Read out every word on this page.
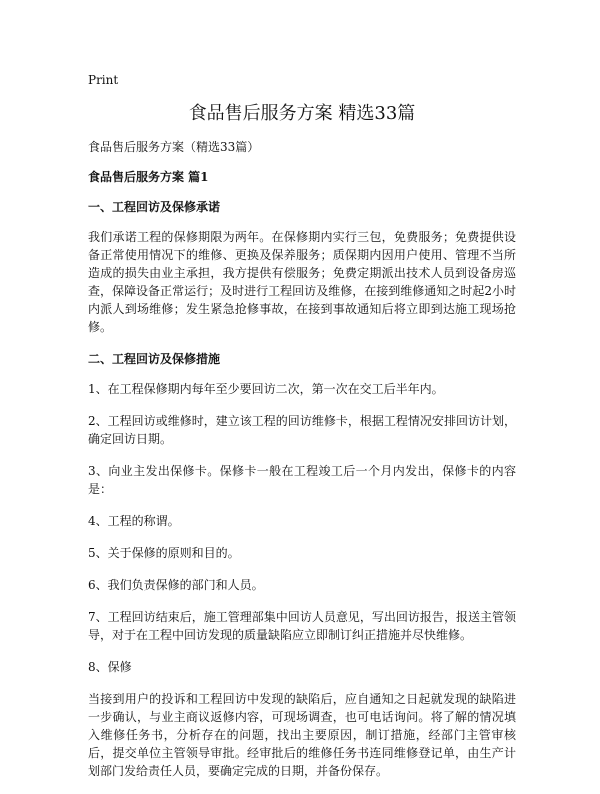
Print
食品售后服务方案 精选33篇
食品售后服务方案（精选33篇）
食品售后服务方案 篇1
一、工程回访及保修承诺

我们承诺工程的保修期限为两年。在保修期内实行三包，免费服务；免费提供设备正常使用情况下的维修、更换及保养服务；质保期内因用户使用、管理不当所造成的损失由业主承担，我方提供有偿服务；免费定期派出技术人员到设备房巡查，保障设备正常运行；及时进行工程回访及维修，在接到维修通知之时起2小时内派人到场维修；发生紧急抢修事故，在接到事故通知后将立即到达施工现场抢修。

二、工程回访及保修措施

1、在工程保修期内每年至少要回访二次，第一次在交工后半年内。

2、工程回访或维修时，建立该工程的回访维修卡，根据工程情况安排回访计划，确定回访日期。

3、向业主发出保修卡。保修卡一般在工程竣工后一个月内发出，保修卡的内容是：

4、工程的称谓。

5、关于保修的原则和目的。

6、我们负责保修的部门和人员。

7、工程回访结束后，施工管理部集中回访人员意见，写出回访报告，报送主管领导，对于在工程中回访发现的质量缺陷应立即制订纠正措施并尽快维修。

8、保修

当接到用户的投诉和工程回访中发现的缺陷后，应自通知之日起就发现的缺陷进一步确认，与业主商议返修内容，可现场调查，也可电话询问。将了解的情况填入维修任务书，分析存在的问题，找出主要原因，制订措施，经部门主管审核后，提交单位主管领导审批。经审批后的维修任务书连同维修登记单，由生产计划部门发给责任人员，要确定完成的日期，并备份保存。
